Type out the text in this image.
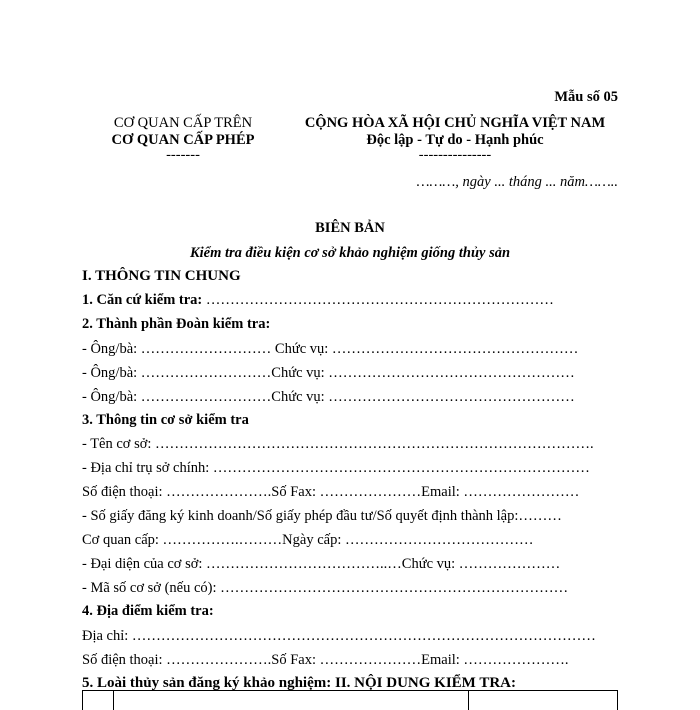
Mẫu số 05
CƠ QUAN CẤP TRÊN
CƠ QUAN CẤP PHÉP
-------
CỘNG HÒA XÃ HỘI CHỦ NGHĨA VIỆT NAM
Độc lập - Tự do - Hạnh phúc
---------------
………, ngày ... tháng ... năm……..
BIÊN BẢN
Kiểm tra điều kiện cơ sở khảo nghiệm giống thủy sản
I. THÔNG TIN CHUNG
1. Căn cứ kiểm tra: ………………………………………………………………
2. Thành phần Đoàn kiểm tra:
- Ông/bà: ……………………… Chức vụ: ……………………………………………
- Ông/bà: ………………………Chức vụ: ……………………………………………
- Ông/bà: ………………………Chức vụ: ……………………………………………
3. Thông tin cơ sở kiểm tra
- Tên cơ sở: ……………………………………………………………………………….
- Địa chỉ trụ sở chính: ……………………………………………………………………
Số điện thoại: ………………….Số Fax: …………………Email: ……………………
- Số giấy đăng ký kinh doanh/Số giấy phép đầu tư/Số quyết định thành lập:………
Cơ quan cấp: …………….………Ngày cấp: …………………………………
- Đại diện của cơ sở: ………………………………..…Chức vụ: …………………
- Mã số cơ sở (nếu có): ………………………………………………………………
4. Địa điểm kiểm tra:
Địa chỉ: ……………………………………………………………………………………
Số điện thoại: ………………….Số Fax: …………………Email: ………………….
5. Loài thủy sản đăng ký khảo nghiệm: II. NỘI DUNG KIỂM TRA:
